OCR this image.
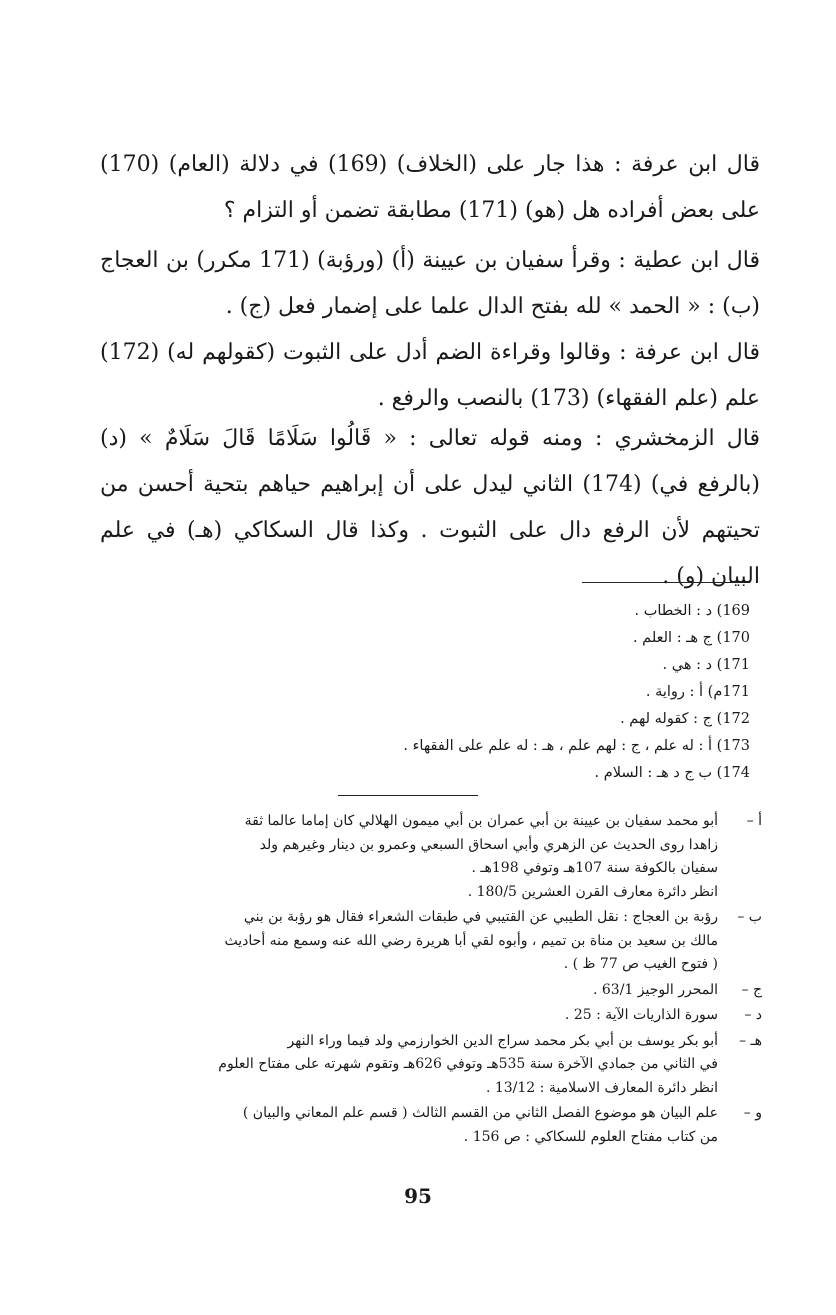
قال ابن عرفة : هذا جار على (الخلاف) (169) في دلالة (العام) (170) على بعض أفراده هل (هو) (171) مطابقة تضمن أو التزام ؟

قال ابن عطية : وقرأ سفيان بن عيينة (أ) (ورؤبة) (171 مكرر) بن العجاج (ب) : « الحمد » لله بفتح الدال علما على إضمار فعل (ج) .

قال ابن عرفة : وقالوا وقراءة الضم أدل على الثبوت (كقولهم له) (172) علم (علم الفقهاء) (173) بالنصب والرفع .

قال الزمخشري : ومنه قوله تعالى : « قَالُوا سَلَامًا قَالَ سَلَامٌ » (د) (بالرفع في) (174) الثاني ليدل على أن إبراهيم حياهم بتحية أحسن من تحيتهم لأن الرفع دال على الثبوت . وكذا قال السكاكي (هـ) في علم البيان (و) .

169) د : الخطاب .

170) ج هـ : العلم .

171) د : هي .

171م) أ : رواية .

172) ج : كقوله لهم .

173) أ : له علم ، ج : لهم علم ، هـ : له علم على الفقهاء .

174) ب ج د هـ : السلام .

أ –
أبو محمد سفيان بن عيينة بن أبي عمران بن أبي ميمون الهلالي كان إماما عالما ثقة
زاهدا روى الحديث عن الزهري وأبي اسحاق السبعي وعمرو بن دينار وغيرهم ولد
سفيان بالكوفة سنة 107هـ وتوفي 198هـ .
انظر دائرة معارف القرن العشرين 180/5 .
ب –
رؤبة بن العجاج : نقل الطيبي عن القتيبي في طبقات الشعراء فقال هو رؤبة بن بني
مالك بن سعيد بن مناة بن تميم ، وأبوه لقي أبا هريرة رضي الله عنه وسمع منه أحاديث
( فتوح الغيب ص 77 ظ ) .
ج –
المحرر الوجيز 63/1 .
د –
سورة الذاريات الآية : 25 .
هـ –
أبو بكر يوسف بن أبي بكر محمد سراج الدين الخوارزمي ولد فيما وراء النهر
في الثاني من جمادي الآخرة سنة 535هـ وتوفي 626هـ وتقوم شهرته على مفتاح العلوم
انظر دائرة المعارف الاسلامية : 13/12 .
و –
علم البيان هو موضوع الفصل الثاني من القسم الثالث ( قسم علم المعاني والبيان )
من كتاب مفتاح العلوم للسكاكي : ص 156 .
95
